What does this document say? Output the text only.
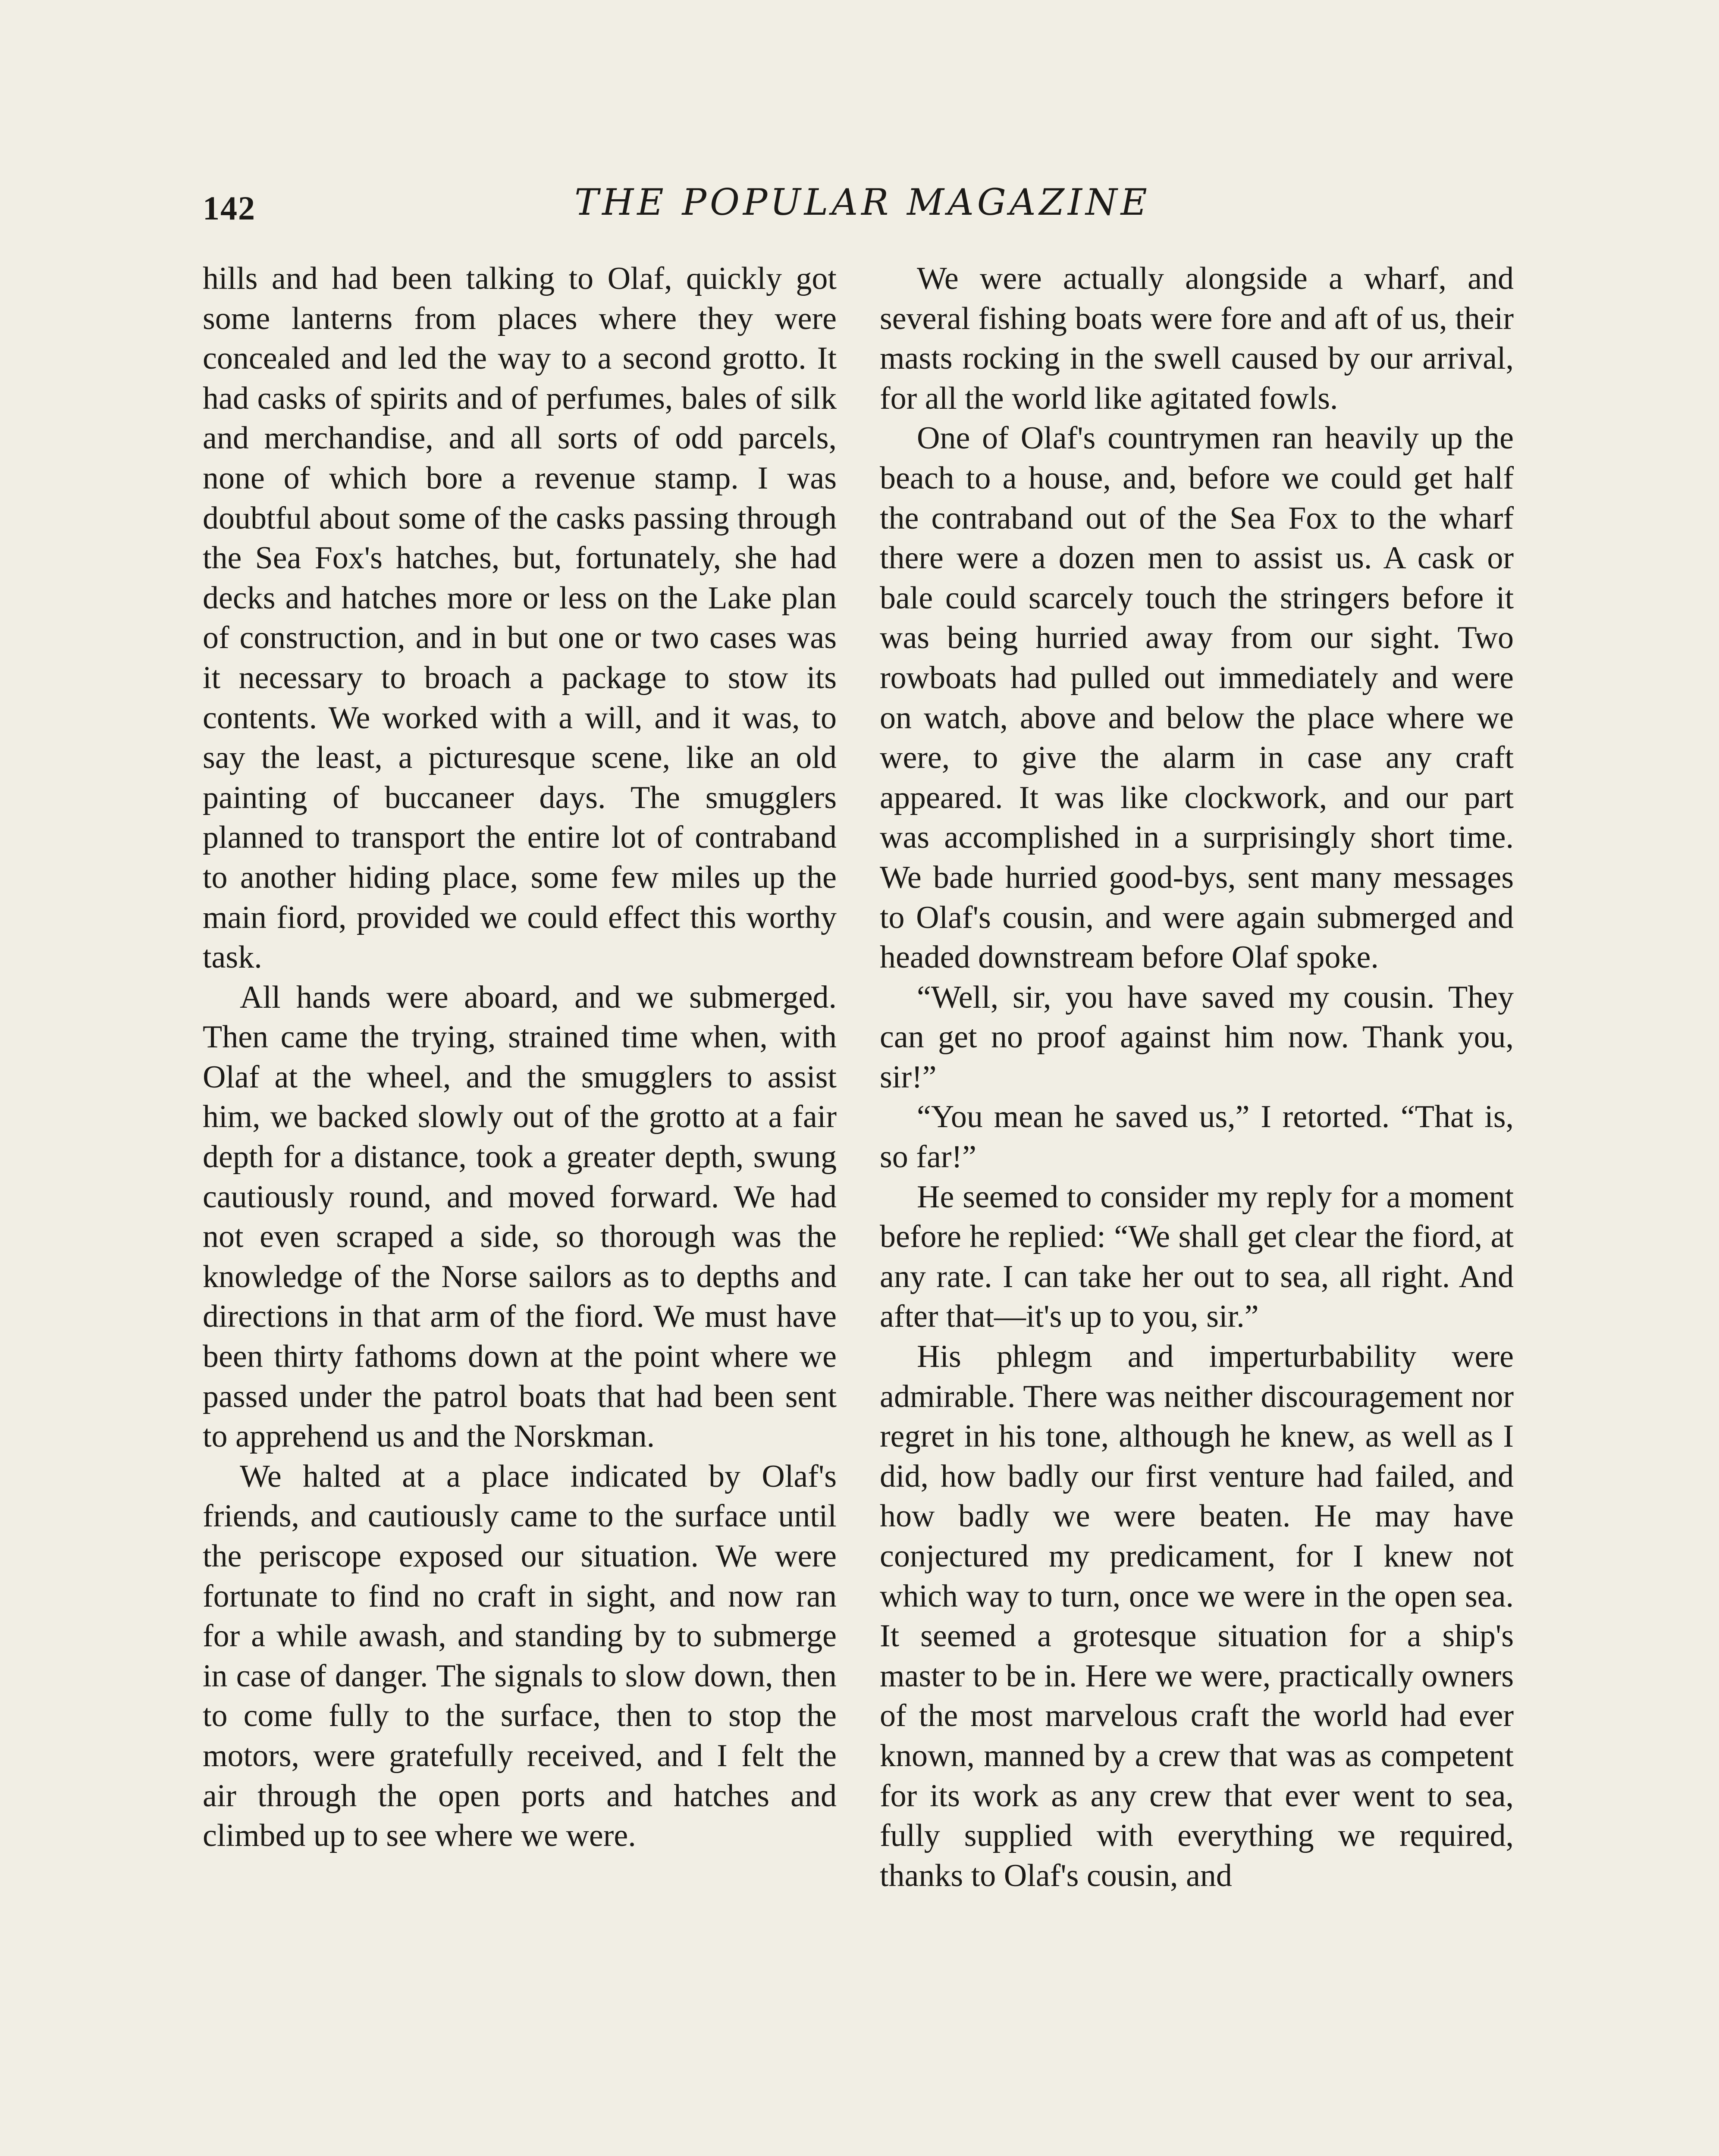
142	THE POPULAR MAGAZINE

hills and had been talking to Olaf, quickly got some lanterns from places where they were concealed and led the way to a second grotto. It had casks of spirits and of perfumes, bales of silk and merchandise, and all sorts of odd parcels, none of which bore a revenue stamp. I was doubtful about some of the casks passing through the Sea Fox's hatches, but, fortunately, she had decks and hatches more or less on the Lake plan of construction, and in but one or two cases was it necessary to broach a package to stow its contents. We worked with a will, and it was, to say the least, a picturesque scene, like an old painting of buccaneer days. The smugglers planned to transport the entire lot of contraband to another hiding place, some few miles up the main fiord, provided we could effect this worthy task.

All hands were aboard, and we submerged. Then came the trying, strained time when, with Olaf at the wheel, and the smugglers to assist him, we backed slowly out of the grotto at a fair depth for a distance, took a greater depth, swung cautiously round, and moved forward. We had not even scraped a side, so thorough was the knowledge of the Norse sailors as to depths and directions in that arm of the fiord. We must have been thirty fathoms down at the point where we passed under the patrol boats that had been sent to apprehend us and the Norskman.

We halted at a place indicated by Olaf's friends, and cautiously came to the surface until the periscope exposed our situation. We were fortunate to find no craft in sight, and now ran for a while awash, and standing by to submerge in case of danger. The signals to slow down, then to come fully to the surface, then to stop the motors, were gratefully received, and I felt the air through the open ports and hatches and climbed up to see where we were.

We were actually alongside a wharf, and several fishing boats were fore and aft of us, their masts rocking in the swell caused by our arrival, for all the world like agitated fowls.

One of Olaf's countrymen ran heavily up the beach to a house, and, before we could get half the contraband out of the Sea Fox to the wharf there were a dozen men to assist us. A cask or bale could scarcely touch the stringers before it was being hurried away from our sight. Two rowboats had pulled out immediately and were on watch, above and below the place where we were, to give the alarm in case any craft appeared. It was like clockwork, and our part was accomplished in a surprisingly short time. We bade hurried good-bys, sent many messages to Olaf's cousin, and were again submerged and headed downstream before Olaf spoke.

“Well, sir, you have saved my cousin. They can get no proof against him now. Thank you, sir!”

“You mean he saved us,” I retorted. “That is, so far!”

He seemed to consider my reply for a moment before he replied: “We shall get clear the fiord, at any rate. I can take her out to sea, all right. And after that—it's up to you, sir.”

His phlegm and imperturbability were admirable. There was neither discouragement nor regret in his tone, although he knew, as well as I did, how badly our first venture had failed, and how badly we were beaten. He may have conjectured my predicament, for I knew not which way to turn, once we were in the open sea. It seemed a grotesque situation for a ship's master to be in. Here we were, practically owners of the most marvelous craft the world had ever known, manned by a crew that was as competent for its work as any crew that ever went to sea, fully supplied with everything we required, thanks to Olaf's cousin, and
